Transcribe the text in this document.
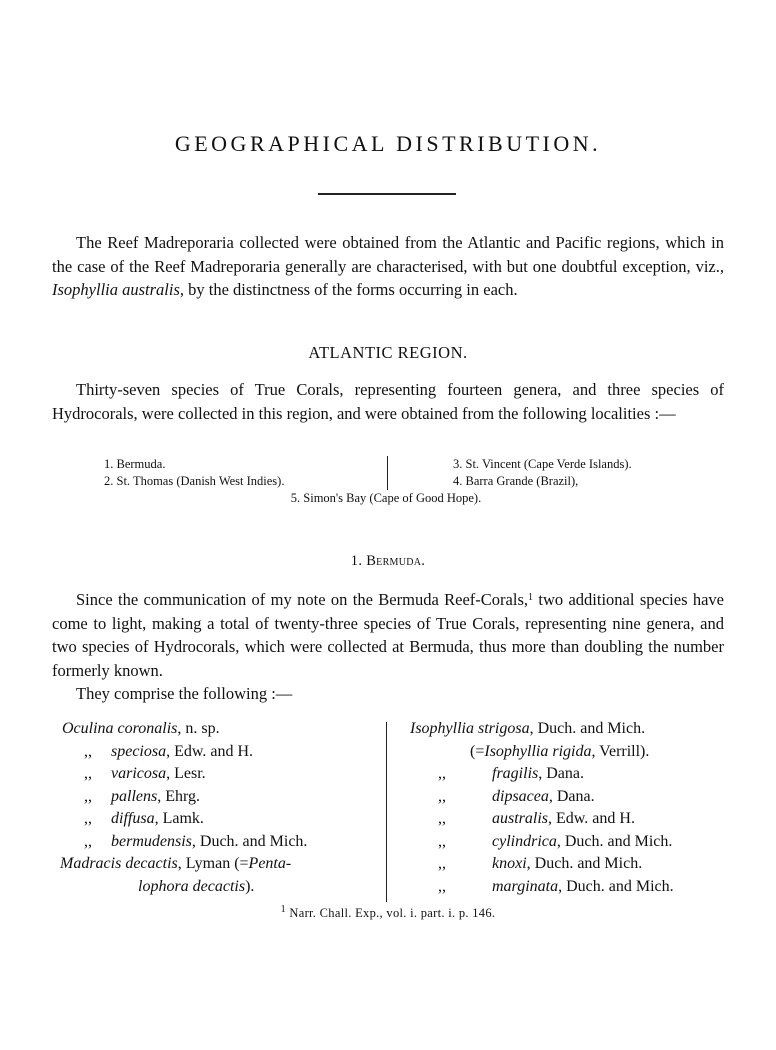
GEOGRAPHICAL DISTRIBUTION.

The Reef Madreporaria collected were obtained from the Atlantic and Pacific regions, which in the case of the Reef Madreporaria generally are characterised, with but one doubtful exception, viz., Isophyllia australis, by the distinctness of the forms occurring in each.

ATLANTIC REGION.

Thirty-seven species of True Corals, representing fourteen genera, and three species of Hydrocorals, were collected in this region, and were obtained from the following localities :—

1. Bermuda.
2. St. Thomas (Danish West Indies).
3. St. Vincent (Cape Verde Islands).
4. Barra Grande (Brazil),
5. Simon's Bay (Cape of Good Hope).
1. Bermuda.

Since the communication of my note on the Bermuda Reef-Corals,$^1$ two additional species have come to light, making a total of twenty-three species of True Corals, representing nine genera, and two species of Hydrocorals, which were collected at Bermuda, thus more than doubling the number formerly known.

They comprise the following :—

Oculina coronalis, n. sp.
,, speciosa, Edw. and H.
,, varicosa, Lesr.
,, pallens, Ehrg.
,, diffusa, Lamk.
,, bermudensis, Duch. and Mich.
Madracis decactis, Lyman (=Penta-
lophora decactis).
Isophyllia strigosa, Duch. and Mich.
(=Isophyllia rigida, Verrill).
,,	fragilis, Dana.
,,	dipsacea, Dana.
,,	australis, Edw. and H.
,,	cylindrica, Duch. and Mich.
,,	knoxi, Duch. and Mich.
,,	marginata, Duch. and Mich.
$^1$ Narr. Chall. Exp., vol. i. part. i. p. 146.
